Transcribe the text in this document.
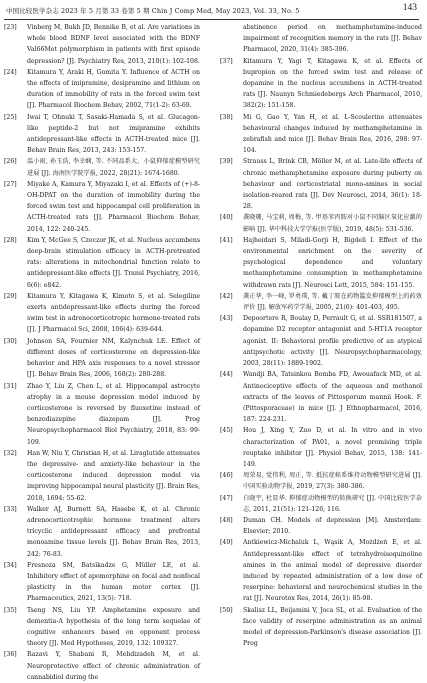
中国比较医学杂志 2023 年 5 月第 33 卷第 5 期 Chin J Comp Med, May 2023, Vol. 33, No. 5	143

[23]	Vinberg M, Bukh JD, Bennike B, et al. Are variations in whole blood BDNF level associated with the BDNF Val66Met polymorphism in patients with first episode depression? [J]. Psychiatry Res, 2013, 210(1): 102-108.

[24]	Kitamura Y, Araki H, Gomita Y. Influence of ACTH on the effects of imipramine, desipramine and lithium on duration of immobility of rats in the forced swim test [J]. Pharmacol Biochem Behav, 2002, 71(1-2): 63-69.

[25]	Iwai T, Ohnuki T, Sasaki-Hamada S, et al. Glucagon-like peptide-2 but not imipramine exhibits antidepressant-like effects in ACTH-treated mice [J]. Behav Brain Res, 2013, 243: 153-157.

[26]	温小雨, 孙玉浩, 李幸娴, 等. 不同品系大、小鼠抑郁症模型研究进展 [J]. 海南医学院学报, 2022, 28(21): 1674-1680.

[27]	Miyake A, Kamura Y, Miyazaki I, et al. Effects of (+)-8-OH-DPAT on the duration of immobility during the forced swim test and hippocampal cell proliferation in ACTH-treated rats [J]. Pharmacol Biochem Behav, 2014, 122: 240-245.

[28]	Kim Y, McGee S, Czeczor JK, et al. Nucleus accumbens deep-brain stimulation efficacy in ACTH-pretreated rats: alterations in mitochondrial function relate to antidepressant-like effects [J]. Transl Psychiatry, 2016, 6(6): e842.

[29]	Kitamura Y, Kitagawa K, Kimoto S, et al. Selegiline exerts antidepressant-like effects during the forced swim test in adrenocorticotropic hormone-treated rats [J]. J Pharmacol Sci, 2008, 106(4): 639-644.

[30]	Johnson SA, Fournier NM, Kalynchuk LE. Effect of different doses of corticosterone on depression-like behavior and HPA axis responses to a novel stressor [J]. Behav Brain Res, 2006, 168(2): 280-288.

[31]	Zhao Y, Liu Z, Chen L, et al. Hippocampal astrocyte atrophy in a mouse depression model induced by corticosterone is reversed by fluoxetine instead of benzodiazepine diazepam [J]. Prog Neuropsychopharmacol Biol Psychiatry, 2018, 83: 99-109.

[32]	Han W, Niu Y, Christian H, et al. Liraglutide attenuates the depressive- and anxiety-like behaviour in the corticosterone induced depression model via improving hippocampal neural plasticity [J]. Brain Res, 2018, 1694: 55-62.

[33]	Walker AJ, Burnett SA, Hasebe K, et al. Chronic adrenocorticotrophic hormone treatment alters tricyclic antidepressant efficacy and prefrontal monoamine tissue levels [J]. Behav Brain Res, 2013, 242: 76-83.

[34]	Fresnoza SM, Batsikadze G, Müller LE, et al. Inhibitory effect of apomorphine on focal and nonfocal plasticity in the human motor cortex [J]. Pharmaceutics, 2021, 13(5): 718.

[35]	Tseng NS, Liu YP. Amphetamine exposure and dementia-A hypothesis of the long term sequelae of cognitive enhancers based on opponent process theory [J]. Med Hypotheses, 2019, 132: 109327.

[36]	Razavi Y, Shabani R, Mehdizadeh M, et al. Neuroprotective effect of chronic administration of cannabidiol during the

abstinence period on methamphetamine-induced impairment of recognition memory in the rats [J]. Behav Pharmacol, 2020, 31(4): 385-396.

[37]	Kitamura Y, Yagi T, Kitagawa K, et al. Effects of bupropion on the forced swim test and release of dopamine in the nucleus accumbens in ACTH-treated rats [J]. Naunyn Schmiedebergs Arch Pharmacol, 2010, 382(2): 151-158.

[38]	Mi G, Gao Y, Yan H, et al. L-Scoulerine attenuates behavioural changes induced by methamphetamine in zebrafish and mice [J]. Behav Brain Res, 2016, 298: 97-104.

[39]	Strauss L, Brink CB, Möller M, et al. Late-life effects of chronic methamphetamine exposure during puberty on behaviour and corticostriatal mono-amines in social isolation-reared rats [J]. Dev Neurosci, 2014, 36(1): 18-28.

[40]	龚晓珊, 马宝莉, 周梅, 等. 甲基苯丙胺对小鼠不同脑区氧化应激的影响 [J]. 华中科技大学学报(医学版), 2019, 48(5): 531-536.

[41]	Hajheidari S, Miladi-Gorji H, Bigdeli I. Effect of the environmental enrichment on the severity of psychological dependence and voluntary methamphetamine consumption in methamphetamine withdrawn rats [J]. Neurosci Lett, 2015, 584: 151-155.

[42]	龚正华, 李一峰, 罗勇璞, 等. 戴丁胺在药物滥发抑郁模型上的药效评价 [J]. 解放军药学学报, 2005, 21(6): 401-403, 495.

[43]	Depoortere R, Boulay D, Perrault G, et al. SSR181507, a dopamine D2 receptor antagonist and 5-HT1A receptor agonist. II: Behavioral profile predictive of an atypical antipsychotic activity [J]. Neuropsychopharmacology, 2003, 28(11): 1889-1902.

[44]	Wandji BA, Tatsinkou Bomba FD, Awouafack MD, et al. Antinociceptive effects of the aqueous and methanol extracts of the leaves of Pittosporum mannii Hook. F. (Pittosporaceae) in mice [J]. J Ethnopharmacol, 2016, 187: 224-231.

[45]	Hou J, Xing Y, Zuo D, et al. In vitro and in vivo characterization of PA01, a novel promising triple reuptake inhibitor [J]. Physiol Behav, 2015, 138: 141-149.

[46]	周荣易, 党伟利, 周正, 等. 抵抗症候系维持动物模型研究进展 [J]. 中国实验动物学报, 2019, 27(3): 380-386.

[47]	白晓宇, 杜显华. 抑郁症动物模型的转换研究 [J]. 中国比较医学杂志, 2011, 21(51): 121-126, 116.

[48]	Duman CH. Models of depression [M]. Amsterdam: Elsevier; 2010.

[49]	Antkiewicz-Michaluk L, Wąsik A, Możdżeń E, et al. Antidepressant-like effect of tetrahydroisoquinoline amines in the animal model of depressive disorder induced by repeated administration of a low dose of reserpine: behavioral and neurochemical studies in the rat [J]. Neurotox Res, 2014, 26(1): 85-98.

[50]	Skalisz LL, Beijamini V, Joca SL, et al. Evaluation of the face validity of reserpine administration as an animal model of depression-Parkinson's disease association [J]. Prog
